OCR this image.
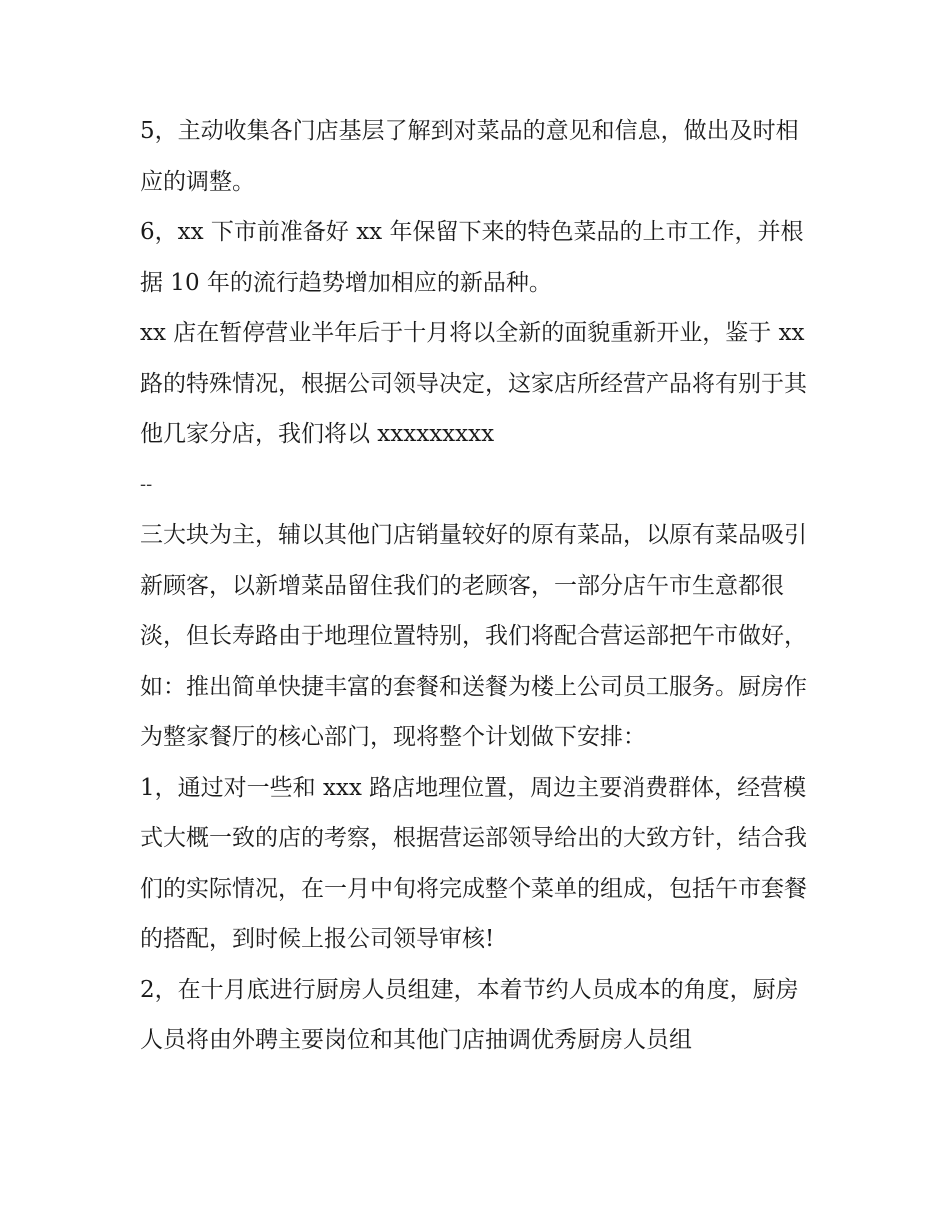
5，主动收集各门店基层了解到对菜品的意见和信息，做出及时相应的调整。

6，xx 下市前准备好 xx 年保留下来的特色菜品的上市工作，并根据 10 年的流行趋势增加相应的新品种。

xx 店在暂停营业半年后于十月将以全新的面貌重新开业，鉴于 xx 路的特殊情况，根据公司领导决定，这家店所经营产品将有别于其他几家分店，我们将以 xxxxxxxxx

--

三大块为主，辅以其他门店销量较好的原有菜品，以原有菜品吸引新顾客，以新增菜品留住我们的老顾客，一部分店午市生意都很淡，但长寿路由于地理位置特别，我们将配合营运部把午市做好，如：推出简单快捷丰富的套餐和送餐为楼上公司员工服务。厨房作为整家餐厅的核心部门，现将整个计划做下安排：

1，通过对一些和 xxx 路店地理位置，周边主要消费群体，经营模式大概一致的店的考察，根据营运部领导给出的大致方针，结合我们的实际情况，在一月中旬将完成整个菜单的组成，包括午市套餐的搭配，到时候上报公司领导审核!

2，在十月底进行厨房人员组建，本着节约人员成本的角度，厨房人员将由外聘主要岗位和其他门店抽调优秀厨房人员组
